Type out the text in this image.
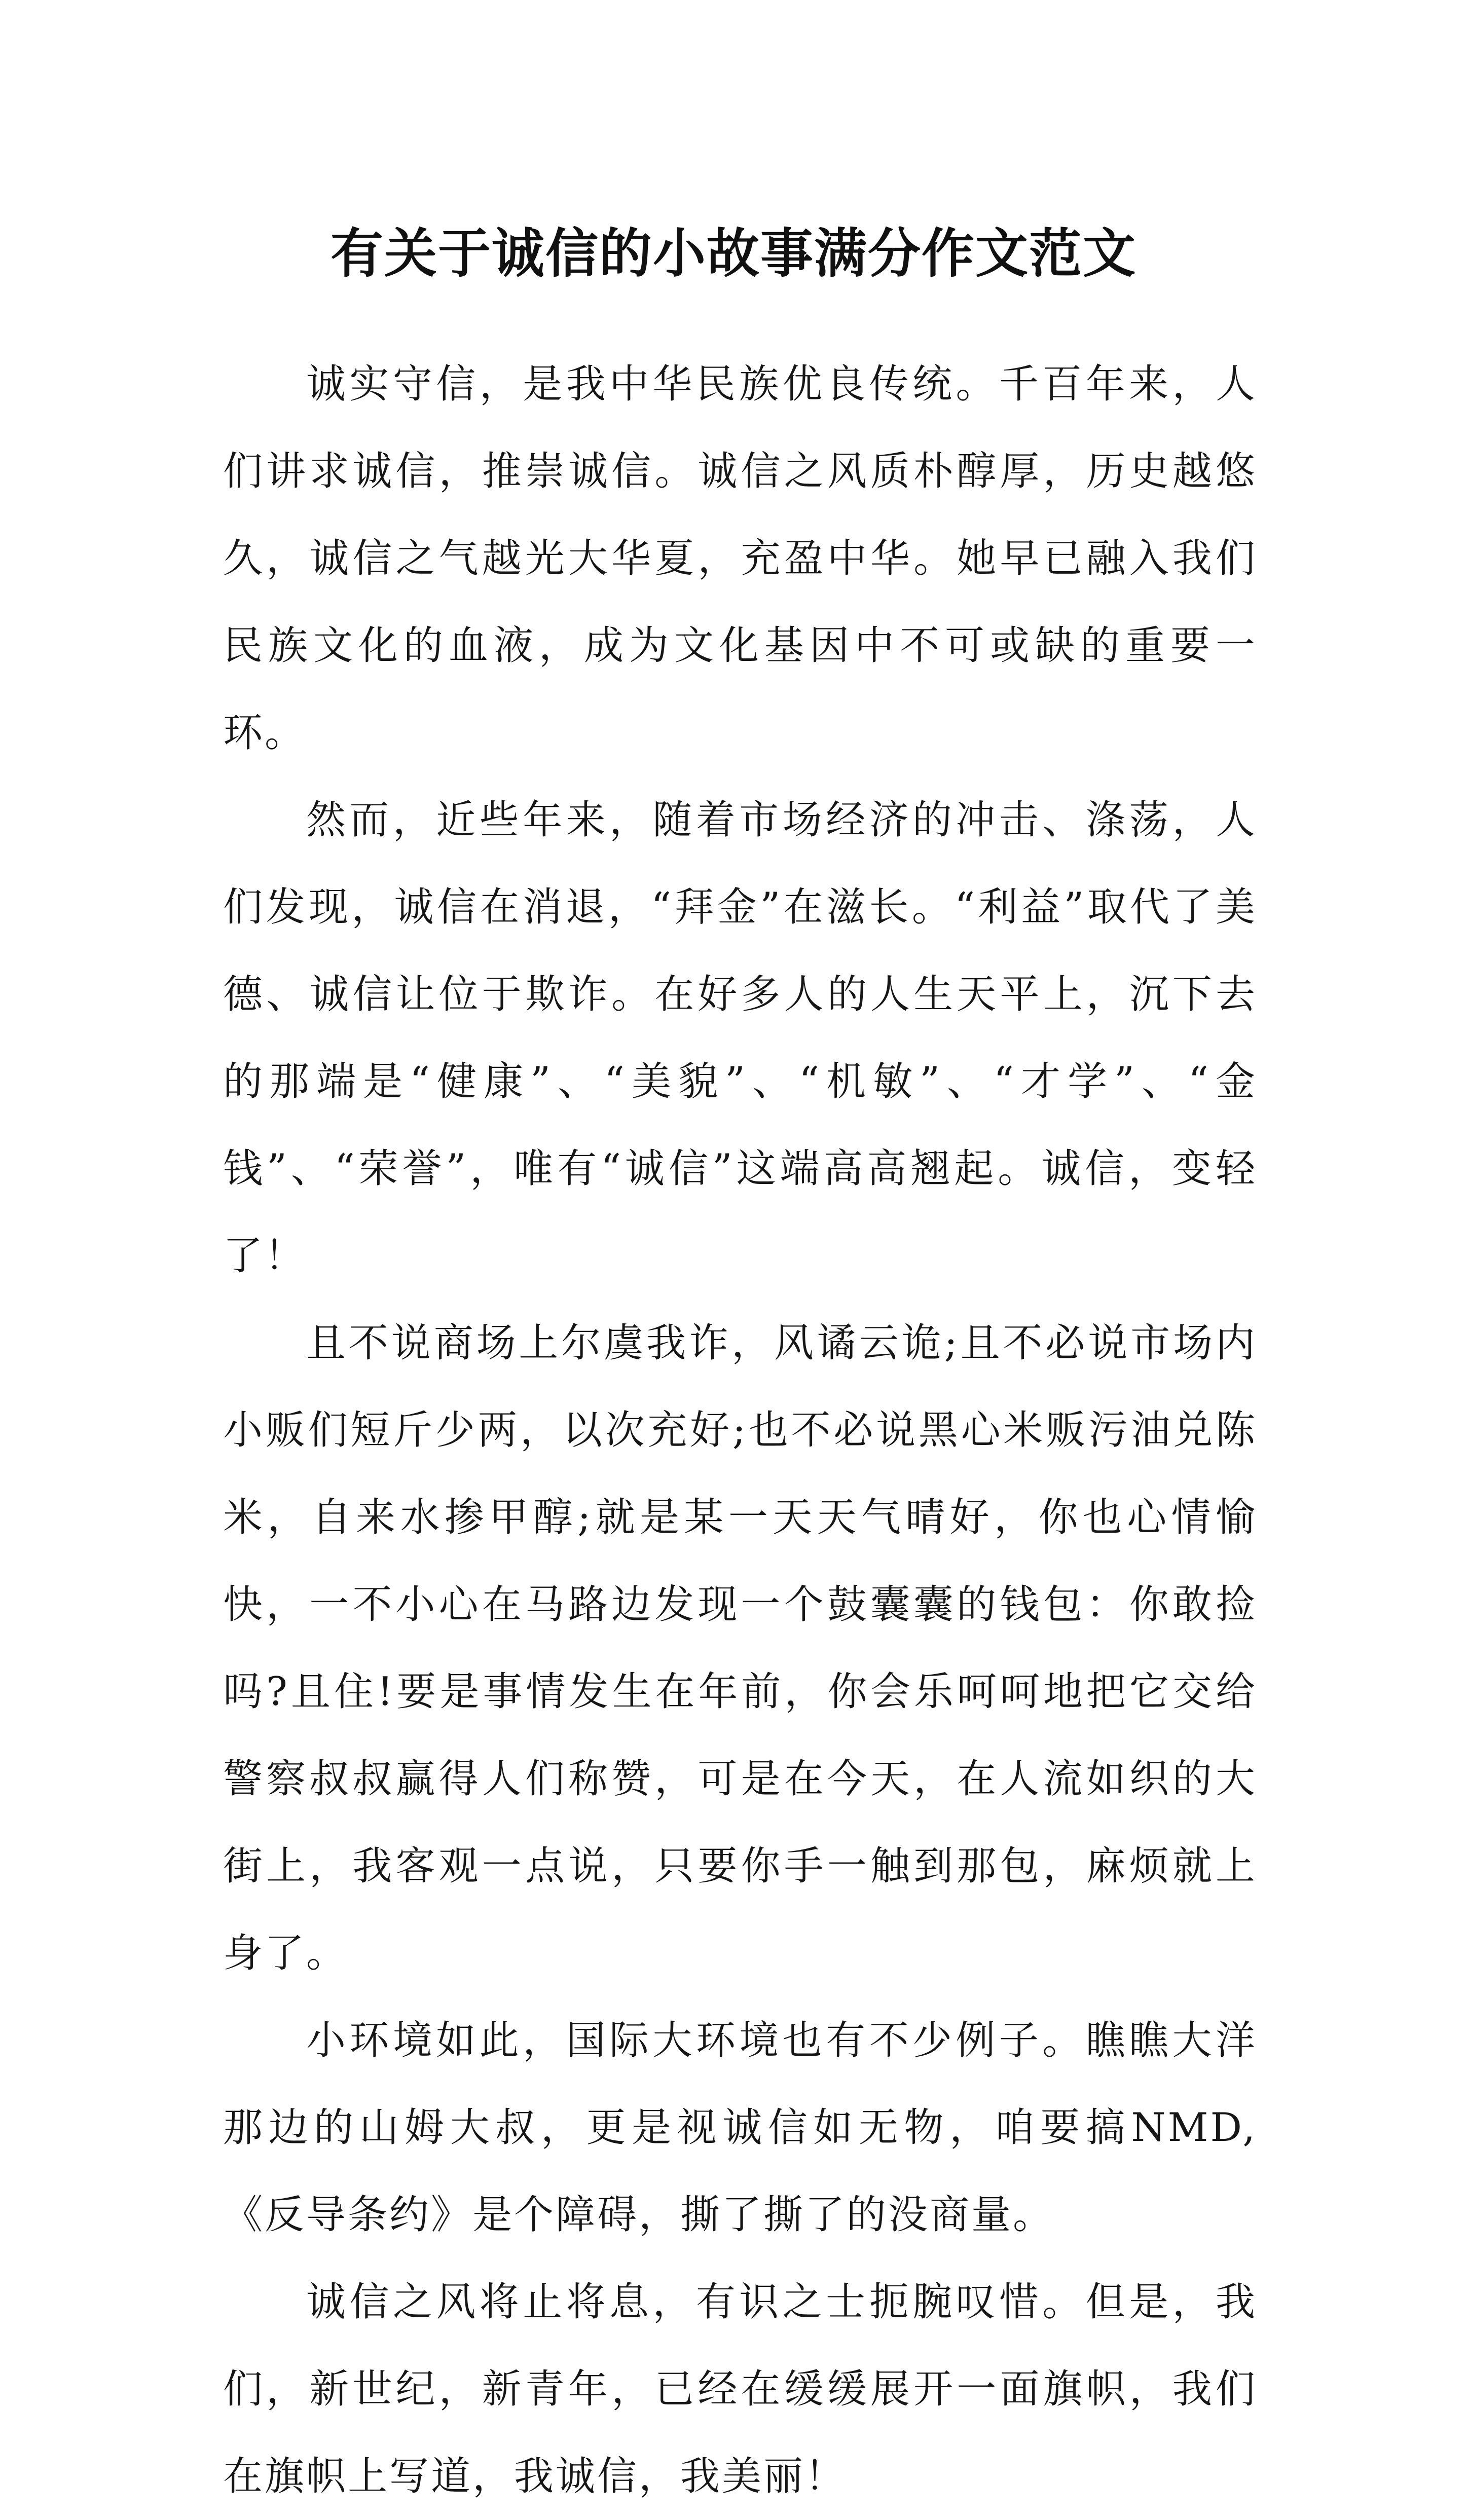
有关于诚信的小故事满分作文范文

诚实守信，是我中华民族优良传统。千百年来，人们讲求诚信，推崇诚信。诚信之风质朴醇厚，历史越悠久，诚信之气越光大华夏，充盈中华。她早已融入我们民族文化的血液，成为文化基因中不可或缺的重要一环。

然而，近些年来，随着市场经济的冲击、涤荡，人们发现，诚信在消退，“拜金”在滋长。“利益”取代了美德、诚信让位于欺诈。在好多人的人生天平上，沉下去的那端是“健康”、“美貌”、“机敏”、“才学”、“金钱”、“荣誉”，唯有“诚信”这端高高翘起。诚信，变轻了！

且不说商场上尔虞我诈，风谲云诡;且不必说市场内小贩们短斤少两，以次充好;也不必说黑心米贩污油兑陈米，自来水掺甲醇;就是某一天天气晴好，你也心情愉快，一不小心在马路边发现一个鼓囊囊的钱包：你敢捡吗?且住!要是事情发生在年前，你会乐呵呵地把它交给警察叔叔赢得人们称赞，可是在今天，在人流如织的大街上，我客观一点说，只要你手一触到那包，麻烦就上身了。

小环境如此，国际大环境也有不少例子。瞧瞧大洋那边的山姆大叔，更是视诚信如无物，咱要搞NMD,《反导条约》是个障碍，撕了撕了的没商量。

诚信之风将止将息，有识之士扼腕叹惜。但是，我们，新世纪，新青年，已经在缓缓展开一面旗帜，我们在旗帜上写道，我诚信，我美丽！
